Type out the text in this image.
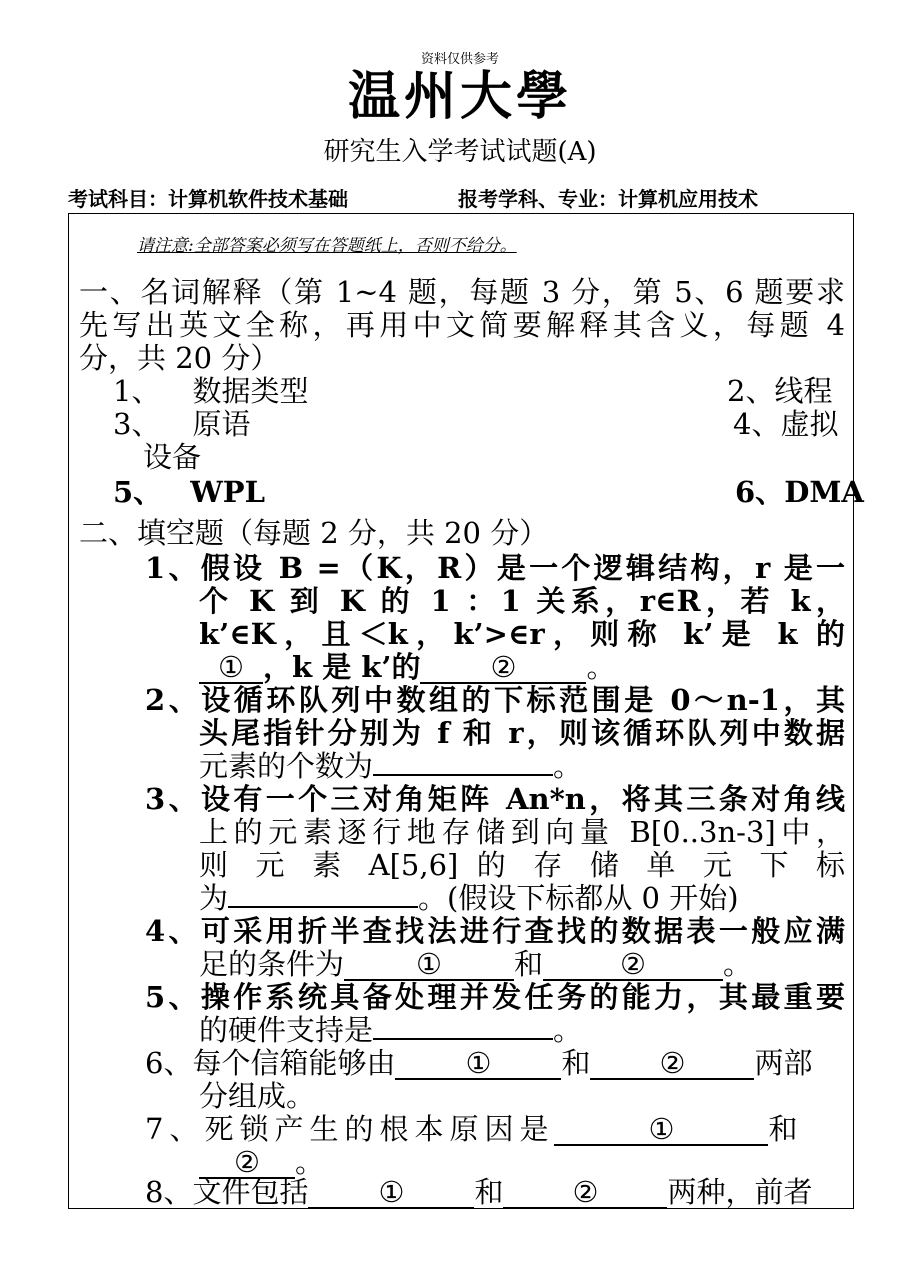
资料仅供参考
温州大學
研究生入学考试试题(A)
考试科目：计算机软件技术基础	报考学科、专业：计算机应用技术
请注意:全部答案必须写在答题纸上，否则不给分。
一、名词解释（第 1~4 题，每题 3 分，第 5、6 题要求
先写出英文全称，再用中文简要解释其含义，每题 4
分，共 20 分）
1、 数据类型	2、线程
3、 原语	4、虚拟
设备
5、 WPL	6、DMA
二、填空题（每题 2 分，共 20 分）
1、假设 B =（K，R）是一个逻辑结构，r 是一
个 K 到 K 的 1 ：1 关系，r∈R，若 k，
k’∈K，且＜k，k’>∈r，则称 k’是 k 的
① ，k 是 k’的 ② 。
2、设循环队列中数组的下标范围是 0～n-1，其
头尾指针分别为 f 和 r，则该循环队列中数据
元素的个数为	。
3、设有一个三对角矩阵 An*n，将其三条对角线
上的元素逐行地存储到向量 B[0..3n-3]中，
则 元 素 A[5,6] 的 存 储 单 元 下 标
为	。(假设下标都从 0 开始)
4、可采用折半查找法进行查找的数据表一般应满
足的条件为 ① 和	②	。
5、操作系统具备处理并发任务的能力，其最重要
的硬件支持是	。
6、每个信箱能够由 ① 和 ② 两部
分组成。
7、死锁产生的根本原因是	①	和
② 。
8、文件包括 ① 和 ② 两种，前者
